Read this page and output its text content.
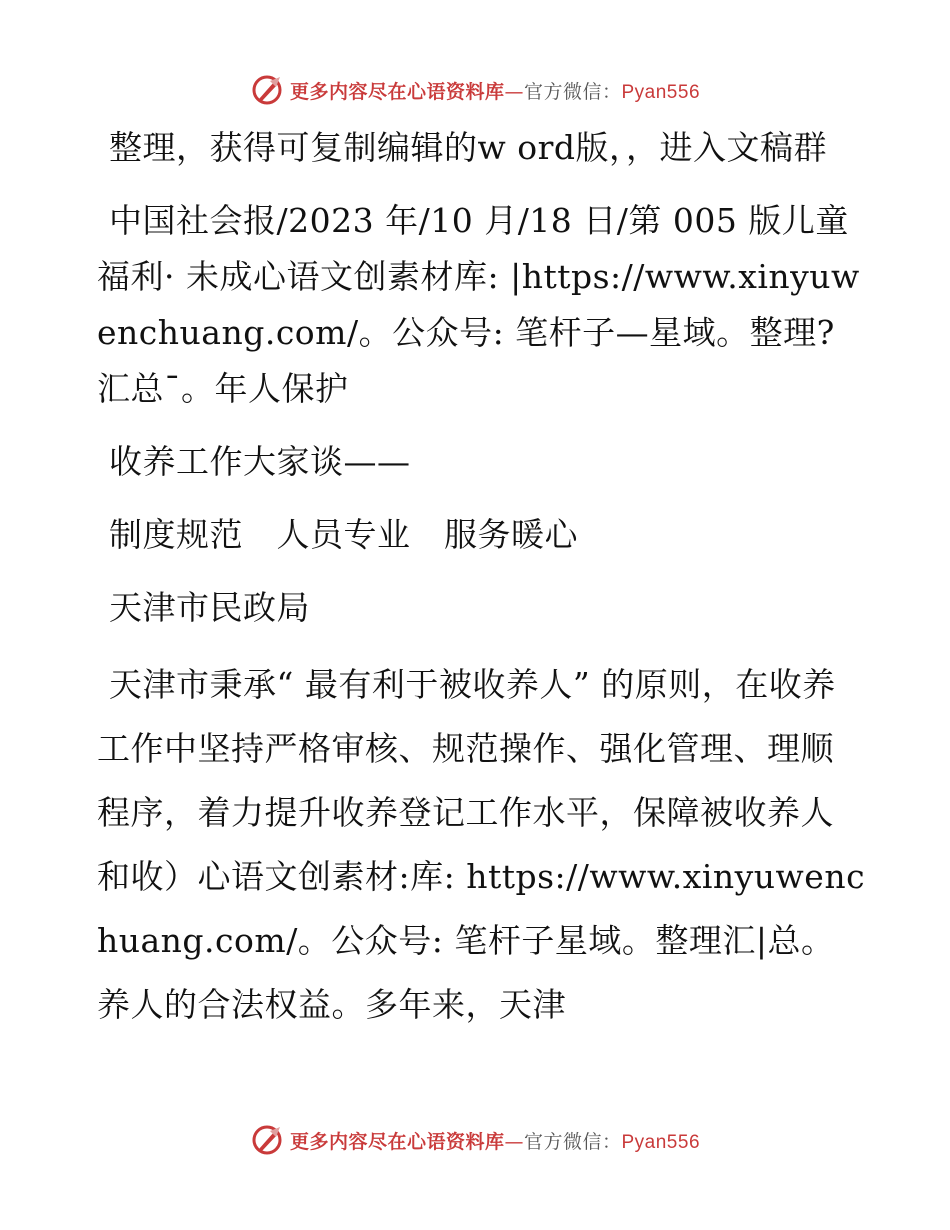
更多内容尽在心语资料库—官方微信：Pyan556

整理，获得可复制编辑的w ord版，，进入文稿群

中国社会报/2023 年/10 月/18 日/第 005 版儿童福利· 未成心语文创素材库: |https://www.xinyuwenchuang.com/。公众号: 笔杆子—星域。整理?汇总¯。年人保护

收养工作大家谈——

制度规范　人员专业　服务暖心

天津市民政局

天津市秉承“ 最有利于被收养人” 的原则，在收养工作中坚持严格审核、规范操作、强化管理、理顺程序，着力提升收养登记工作水平，保障被收养人和收）心语文创素材:库: https://www.xinyuwenchuang.com/。公众号: 笔杆子星域。整理汇|总。养人的合法权益。多年来，天津

更多内容尽在心语资料库—官方微信：Pyan556
